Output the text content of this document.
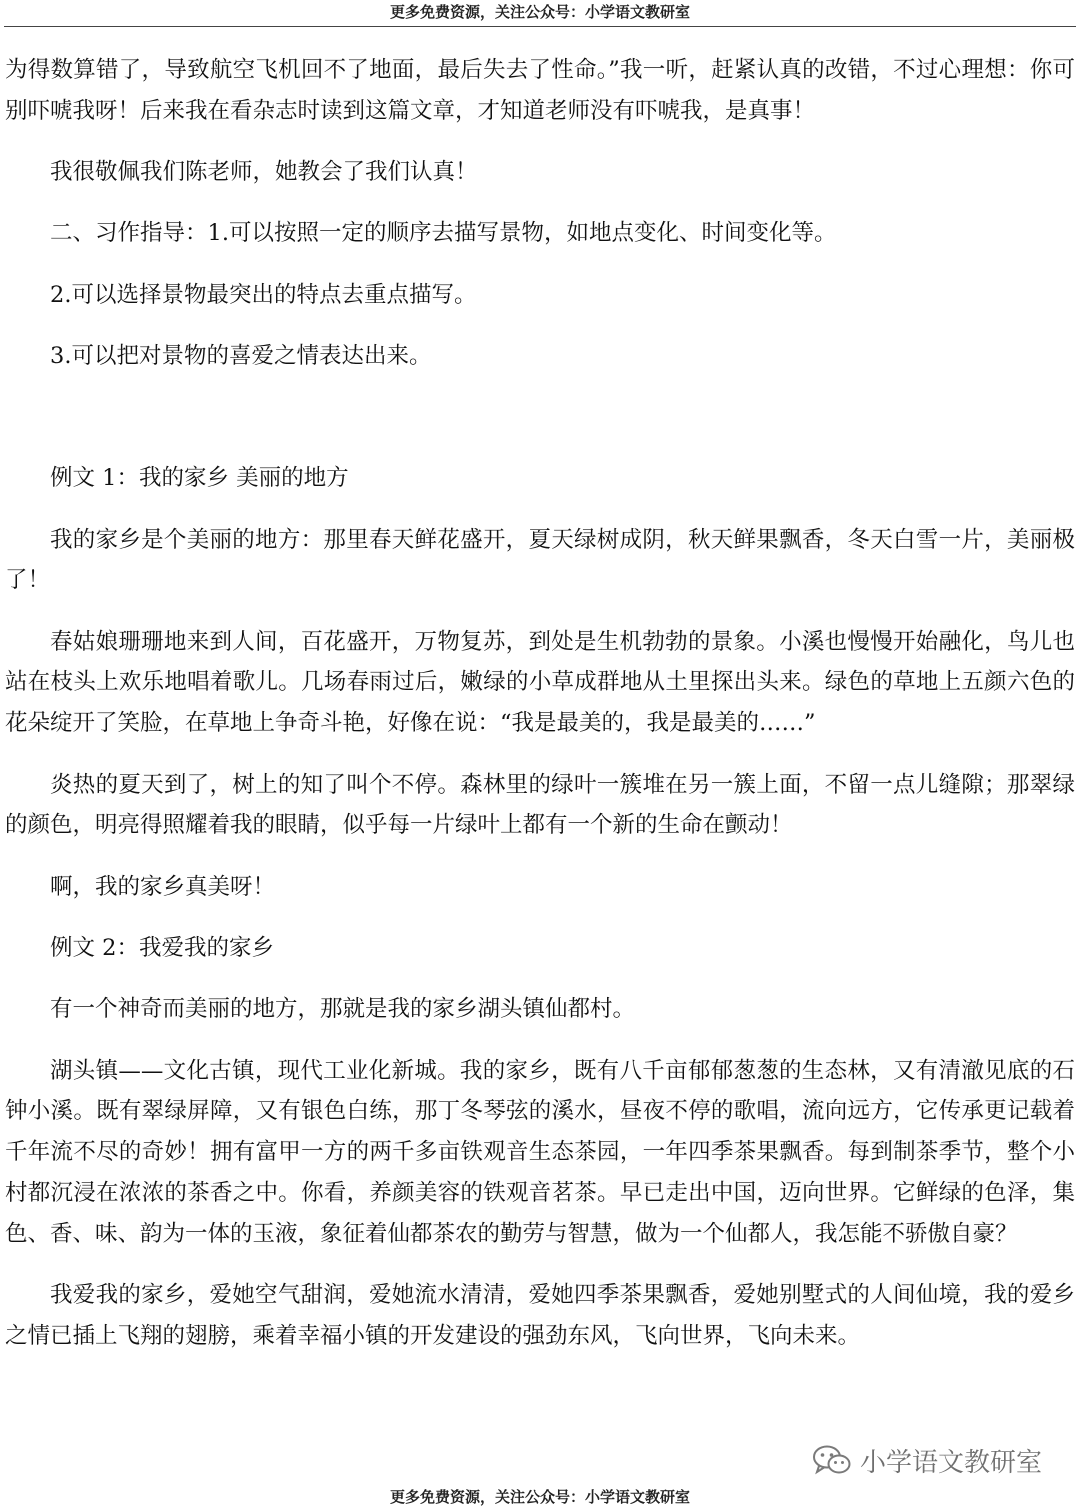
更多免费资源，关注公众号：小学语文教研室

为得数算错了，导致航空飞机回不了地面，最后失去了性命。”我一听，赶紧认真的改错，不过心理想：你可别吓唬我呀！后来我在看杂志时读到这篇文章，才知道老师没有吓唬我，是真事！

我很敬佩我们陈老师，她教会了我们认真！

二、习作指导：1.可以按照一定的顺序去描写景物，如地点变化、时间变化等。

2.可以选择景物最突出的特点去重点描写。

3.可以把对景物的喜爱之情表达出来。

例文 1：我的家乡 美丽的地方

我的家乡是个美丽的地方：那里春天鲜花盛开，夏天绿树成阴，秋天鲜果飘香，冬天白雪一片，美丽极了！

春姑娘珊珊地来到人间，百花盛开，万物复苏，到处是生机勃勃的景象。小溪也慢慢开始融化，鸟儿也站在枝头上欢乐地唱着歌儿。几场春雨过后，嫩绿的小草成群地从土里探出头来。绿色的草地上五颜六色的花朵绽开了笑脸，在草地上争奇斗艳，好像在说：“我是最美的，我是最美的……”

炎热的夏天到了，树上的知了叫个不停。森林里的绿叶一簇堆在另一簇上面，不留一点儿缝隙；那翠绿的颜色，明亮得照耀着我的眼睛，似乎每一片绿叶上都有一个新的生命在颤动！

啊，我的家乡真美呀！

例文 2：我爱我的家乡

有一个神奇而美丽的地方，那就是我的家乡湖头镇仙都村。

湖头镇——文化古镇，现代工业化新城。我的家乡，既有八千亩郁郁葱葱的生态林，又有清澈见底的石钟小溪。既有翠绿屏障，又有银色白练，那丁冬琴弦的溪水，昼夜不停的歌唱，流向远方，它传承更记载着千年流不尽的奇妙！拥有富甲一方的两千多亩铁观音生态茶园，一年四季茶果飘香。每到制茶季节，整个小村都沉浸在浓浓的茶香之中。你看，养颜美容的铁观音茗茶。早已走出中国，迈向世界。它鲜绿的色泽，集色、香、味、韵为一体的玉液，象征着仙都茶农的勤劳与智慧，做为一个仙都人，我怎能不骄傲自豪？

我爱我的家乡，爱她空气甜润，爱她流水清清，爱她四季茶果飘香，爱她别墅式的人间仙境，我的爱乡之情已插上飞翔的翅膀，乘着幸福小镇的开发建设的强劲东风，飞向世界，飞向未来。

小学语文教研室
更多免费资源，关注公众号：小学语文教研室
